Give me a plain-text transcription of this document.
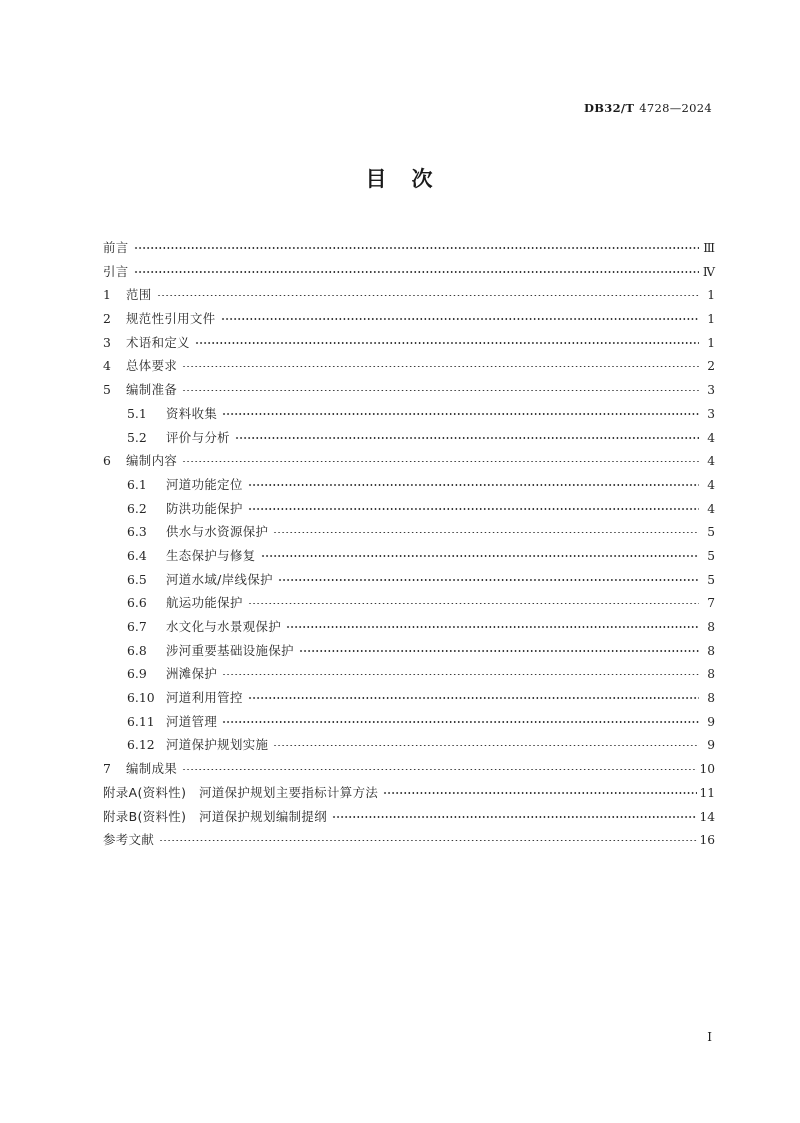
DB32/T 4728—2024
目　次
前言	Ⅲ
引言	Ⅳ
1	范围	1
2	规范性引用文件	1
3	术语和定义	1
4	总体要求	2
5	编制准备	3
5.1	资料收集	3
5.2	评价与分析	4
6	编制内容	4
6.1	河道功能定位	4
6.2	防洪功能保护	4
6.3	供水与水资源保护	5
6.4	生态保护与修复	5
6.5	河道水域/岸线保护	5
6.6	航运功能保护	7
6.7	水文化与水景观保护	8
6.8	涉河重要基础设施保护	8
6.9	洲滩保护	8
6.10 河道利用管控	8
6.11 河道管理	9
6.12 河道保护规划实施	9
7	编制成果	10
附录A(资料性)　河道保护规划主要指标计算方法	11
附录B(资料性)　河道保护规划编制提纲	14
参考文献	16
Ⅰ
